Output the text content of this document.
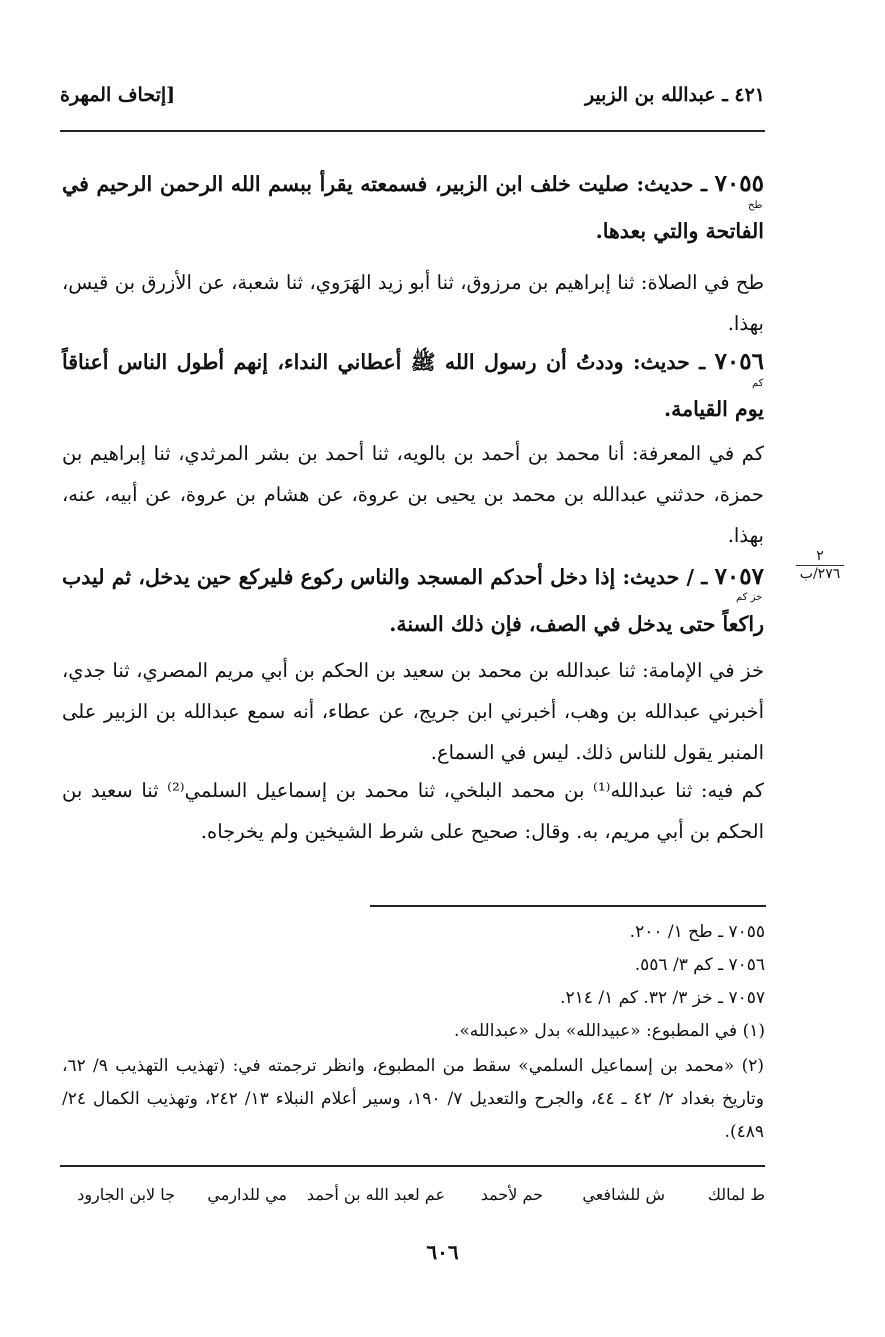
٤٢١ ـ عبدالله بن الزبير
[إتحاف المهرة
٧٠٥٥ ـ حديث: صليت خلف ابن الزبير، فسمعته يقرأ ببسم الله الرحمن الرحيم في الفاتحة والتي بعدها.
طح
طح في الصلاة: ثنا إبراهيم بن مرزوق، ثنا أبو زيد الهَرَوي، ثنا شعبة، عن الأزرق بن قيس، بهذا.
٧٠٥٦ ـ حديث: وددتُ أن رسول الله ﷺ أعطاني النداء، إنهم أطول الناس أعناقاً يوم القيامة.
كم
كم في المعرفة: أنا محمد بن أحمد بن بالويه، ثنا أحمد بن بشر المرثدي، ثنا إبراهيم بن حمزة، حدثني عبدالله بن محمد بن يحيى بن عروة، عن هشام بن عروة، عن أبيه، عنه، بهذا.
٧٠٥٧ ـ / حديث: إذا دخل أحدكم المسجد والناس ركوع فليركع حين يدخل، ثم ليدب راكعاً حتى يدخل في الصف، فإن ذلك السنة.
خز كم
٢
٢٧٦/ب
خز في الإمامة: ثنا عبدالله بن محمد بن سعيد بن الحكم بن أبي مريم المصري، ثنا جدي، أخبرني عبدالله بن وهب، أخبرني ابن جريج، عن عطاء، أنه سمع عبدالله بن الزبير على المنبر يقول للناس ذلك. ليس في السماع.
كم فيه: ثنا عبدالله⁽¹⁾ بن محمد البلخي، ثنا محمد بن إسماعيل السلمي⁽²⁾ ثنا سعيد بن الحكم بن أبي مريم، به. وقال: صحيح على شرط الشيخين ولم يخرجاه.
٧٠٥٥ ـ طح ١/ ٢٠٠.
٧٠٥٦ ـ كم ٣/ ٥٥٦.
٧٠٥٧ ـ خز ٣/ ٣٢. كم ١/ ٢١٤.
(١) في المطبوع: «عبيدالله» بدل «عبدالله».
(٢) «محمد بن إسماعيل السلمي» سقط من المطبوع، وانظر ترجمته في: (تهذيب التهذيب ٩/ ٦٢، وتاريخ بغداد ٢/ ٤٢ ـ ٤٤، والجرح والتعديل ٧/ ١٩٠، وسير أعلام النبلاء ١٣/ ٢٤٢، وتهذيب الكمال ٢٤/ ٤٨٩).
ط لمالك
ش للشافعي
حم لأحمد
عم لعبد الله بن أحمد
مي للدارمي
جا لابن الجارود
٦٠٦
